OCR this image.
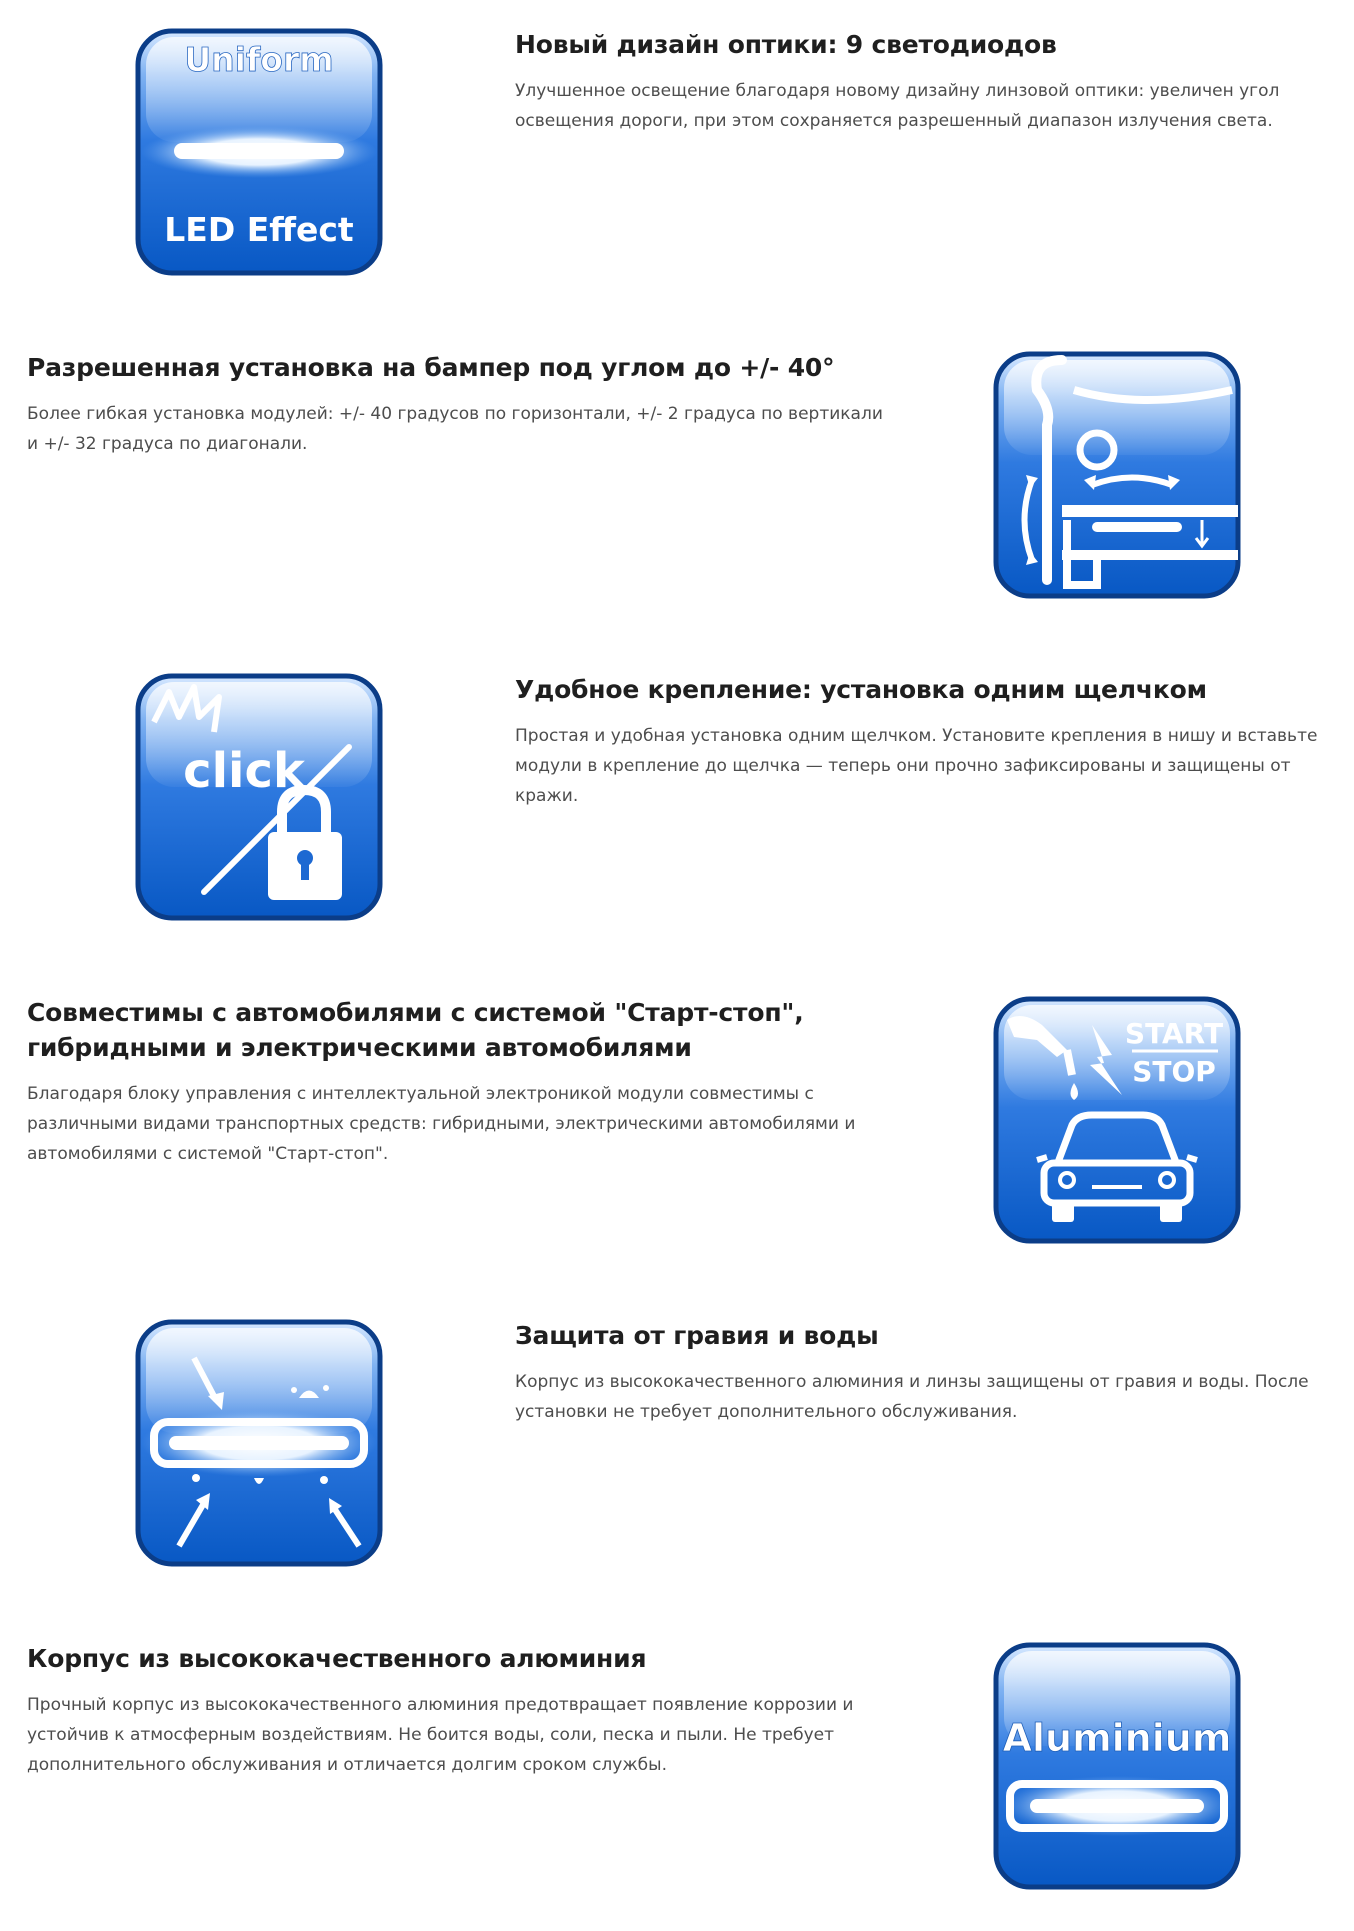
Uniform
LED Effect
Новый дизайн оптики: 9 светодиодов

Улучшенное освещение благодаря новому дизайну линзовой оптики: увеличен угол освещения дороги, при этом сохраняется разрешенный диапазон излучения света.

Разрешенная установка на бампер под углом до +/- 40°

Более гибкая установка модулей: +/- 40 градусов по горизонтали, +/- 2 градуса по вертикали и +/- 32 градуса по диагонали.

click
Удобное крепление: установка одним щелчком

Простая и удобная установка одним щелчком. Установите крепления в нишу и вставьте модули в крепление до щелчка — теперь они прочно зафиксированы и защищены от кражи.

Совместимы с автомобилями с системой "Старт-стоп", гибридными и электрическими автомобилями

Благодаря блоку управления с интеллектуальной электроникой модули совместимы с различными видами транспортных средств: гибридными, электрическими автомобилями и автомобилями с системой "Старт-стоп".

START
STOP
Защита от гравия и воды

Корпус из высококачественного алюминия и линзы защищены от гравия и воды. После установки не требует дополнительного обслуживания.

Корпус из высококачественного алюминия

Прочный корпус из высококачественного алюминия предотвращает появление коррозии и устойчив к атмосферным воздействиям. Не боится воды, соли, песка и пыли. Не требует дополнительного обслуживания и отличается долгим сроком службы.

Aluminium
